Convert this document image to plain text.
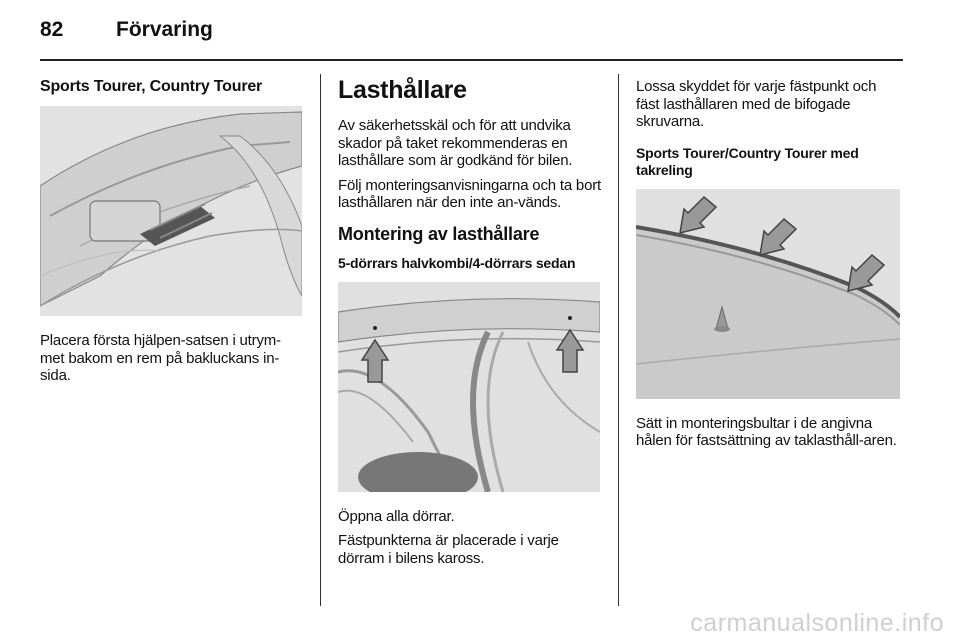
82	Förvaring
Sports Tourer, Country Tourer

Placera första hjälpen-satsen i utrym-met bakom en rem på bakluckans in-sida.

Lasthållare

Av säkerhetsskäl och för att undvika skador på taket rekommenderas en lasthållare som är godkänd för bilen.

Följ monteringsanvisningarna och ta bort lasthållaren när den inte an-vänds.

Montering av lasthållare
5-dörrars halvkombi/4-dörrars sedan

Öppna alla dörrar.

Fästpunkterna är placerade i varje dörram i bilens kaross.

Lossa skyddet för varje fästpunkt och fäst lasthållaren med de bifogade skruvarna.

Sports Tourer/Country Tourer med takreling

Sätt in monteringsbultar i de angivna hålen för fastsättning av taklasthåll-aren.

carmanualsonline.info
